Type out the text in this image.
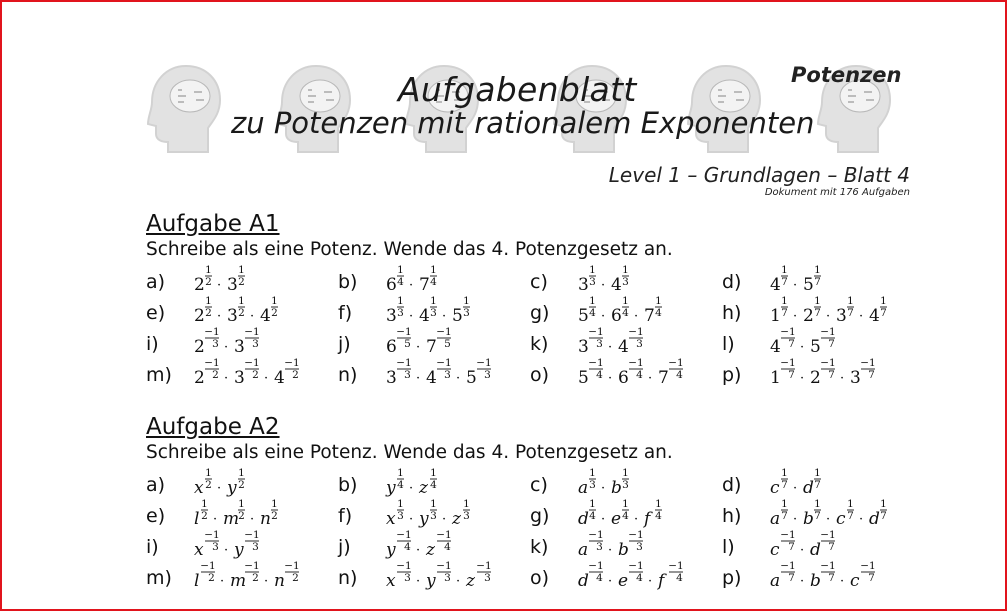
Potenzen
Aufgabenblatt
zu Potenzen mit rationalem Exponenten
Level 1 – Grundlagen – Blatt 4
Dokument mit 176 Aufgaben
Aufgabe A1
Schreibe als eine Potenz. Wende das 4. Potenzgesetz an.
a) 2
1
2 · 3
1
2	b) 6
1
4 · 7
1
4	c) 3
1
3 · 4
1
3	d) 4
1
7 · 5
1
7
e) 2
1
2 · 3
1
2 · 4
1
2	f) 3
1
3 · 4
1
3 · 5
1
3	g) 5
1
4 · 6
1
4 · 7
1
4	h) 1
1
7 · 2
1
7 · 3
1
7 · 4
1
7
i) 2
−1
3 · 3
−1
3	j) 6
−1
5 · 7
−1
5	k) 3
−1
3 · 4
−1
3	l) 4
−1
7 · 5
−1
7
m) 2
−1
2 · 3
−1
2 · 4
−1
2 n) 3
−1
3 · 4
−1
3 · 5
−1
3 o) 5
−1
4 · 6
−1
4 · 7
−1
4 p) 1
−1
7 · 2
−1
7 · 3
−1
7
Aufgabe A2
Schreibe als eine Potenz. Wende das 4. Potenzgesetz an.
a) x
1
2 · y
1
2	b) y
1
4 · z
1
4	c) a
1
3 · b
1
3	d) c
1
7 · d
1
7
e) l
1
2 · m
1
2 · n
1
2	f) x
1
3 · y
1
3 · z
1
3	g) d
1
4 · e
1
4 · f
1
4	h) a
1
7 · b
1
7 · c
1
7 · d
1
7
i) x
−1
3 · y
−1
3	j) y
−1
4 · z
−1
4	k) a
−1
3 · b
−1
3	l) c
−1
7 · d
−1
7
m) l
−1
2 · m
−1
2 · n
−1
2 n) x
−1
3 · y
−1
3 · z
−1
3 o) d
−1
4 · e
−1
4 · f
−1
4 p) a
−1
7 · b
−1
7 · c
−1
7
